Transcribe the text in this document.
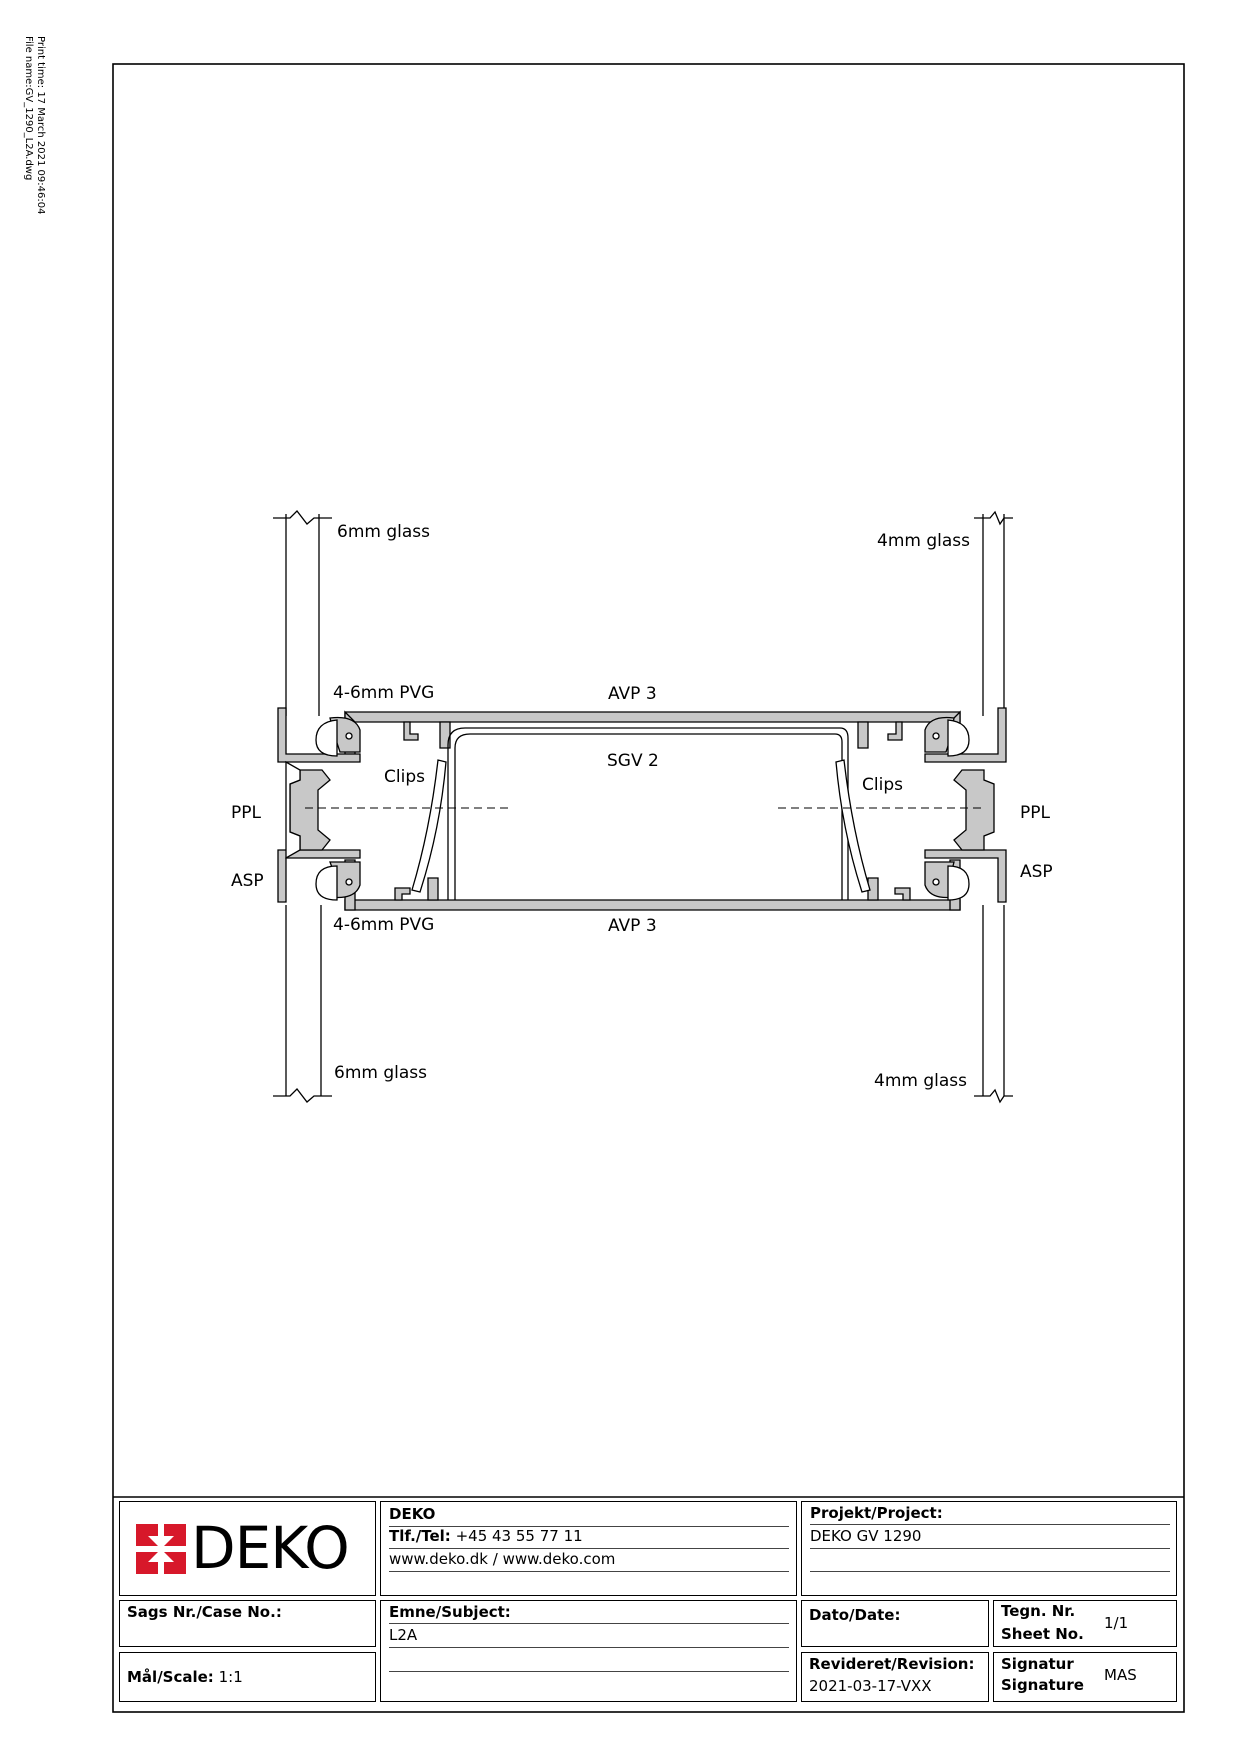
Print time: 17 March 2021 09:46:04
File name:GV_1290_L2A.dwg
6mm glass	4mm glass
4-6mm PVG	AVP 3
SGV 2
Clips	Clips
PPL	PPL
ASP	ASP
4-6mm PVG	AVP 3
6mm glass	4mm glass
DEKO	DEKO
Tlf./Tel: +45 43 55 77 11
www.deko.dk / www.deko.com
Projekt/Project:
DEKO GV 1290
Sags Nr./Case No.:
Mål/Scale: 1:1
Emne/Subject:
L2A
Dato/Date:	Tegn. Nr.
Sheet No.
1/1
Revideret/Revision:
2021-03-17-VXX
Signatur
Signature
MAS
